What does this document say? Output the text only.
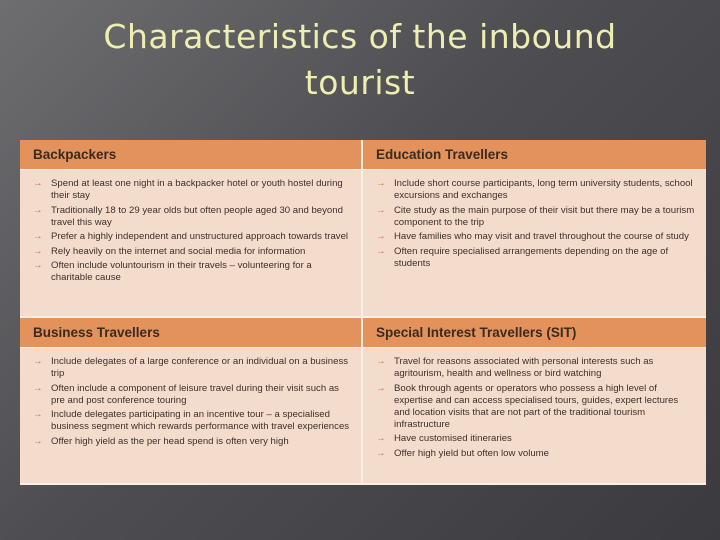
Characteristics of the inbound
tourist
Backpackers	Education Travellers
→ Spend at least one night in a backpacker hotel or youth hostel during their stay
→ Traditionally 18 to 29 year olds but often people aged 30 and beyond travel this way
→ Prefer a highly independent and unstructured approach towards travel
→ Rely heavily on the internet and social media for information
→ Often include voluntourism in their travels – volunteering for a charitable cause
→ Include short course participants, long term university students, school excursions and exchanges
→ Cite study as the main purpose of their visit but there may be a tourism component to the trip
→ Have families who may visit and travel throughout the course of study
→ Often require specialised arrangements depending on the age of students
Business Travellers	Special Interest Travellers (SIT)
→ Include delegates of a large conference or an individual on a business trip
→ Often include a component of leisure travel during their visit such as pre and post conference touring
→ Include delegates participating in an incentive tour – a specialised business segment which rewards performance with travel experiences
→ Offer high yield as the per head spend is often very high
→ Travel for reasons associated with personal interests such as agritourism, health and wellness or bird watching
→ Book through agents or operators who possess a high level of expertise and can access specialised tours, guides, expert lectures and location visits that are not part of the traditional tourism infrastructure
→ Have customised itineraries
→ Offer high yield but often low volume
